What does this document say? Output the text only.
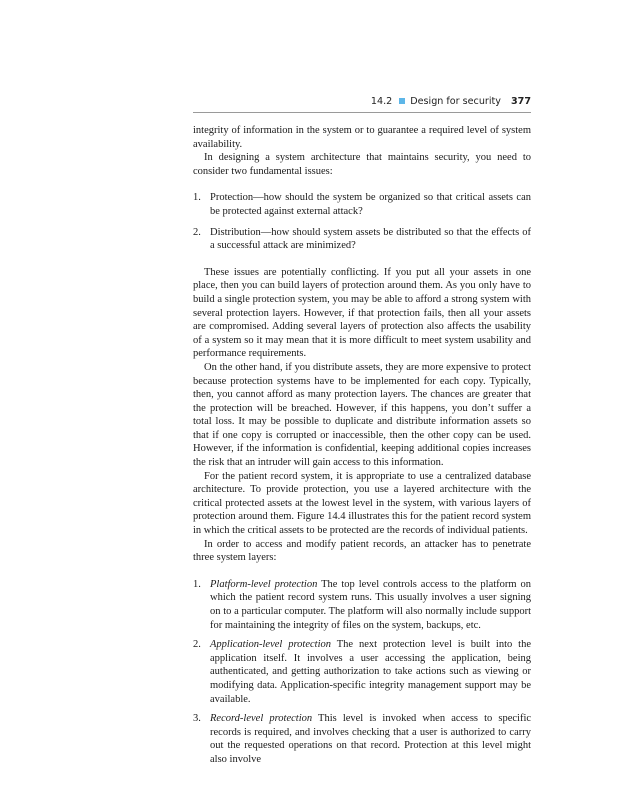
14.2 Design for security 377

integrity of information in the system or to guarantee a required level of system availability.

In designing a system architecture that maintains security, you need to consider two fundamental issues:

1. Protection—how should the system be organized so that critical assets can be protected against external attack?
2. Distribution—how should system assets be distributed so that the effects of a successful attack are minimized?

These issues are potentially conflicting. If you put all your assets in one place, then you can build layers of protection around them. As you only have to build a single protection system, you may be able to afford a strong system with several protection layers. However, if that protection fails, then all your assets are compromised. Adding several layers of protection also affects the usability of a system so it may mean that it is more difficult to meet system usability and performance requirements.

On the other hand, if you distribute assets, they are more expensive to protect because protection systems have to be implemented for each copy. Typically, then, you cannot afford as many protection layers. The chances are greater that the protection will be breached. However, if this happens, you don’t suffer a total loss. It may be possible to duplicate and distribute information assets so that if one copy is corrupted or inaccessible, then the other copy can be used. However, if the information is confidential, keeping additional copies increases the risk that an intruder will gain access to this information.

For the patient record system, it is appropriate to use a centralized database architecture. To provide protection, you use a layered architecture with the critical protected assets at the lowest level in the system, with various layers of protection around them. Figure 14.4 illustrates this for the patient record system in which the critical assets to be protected are the records of individual patients.

In order to access and modify patient records, an attacker has to penetrate three system layers:

1. Platform-level protection The top level controls access to the platform on which the patient record system runs. This usually involves a user signing on to a particular computer. The platform will also normally include support for maintaining the integrity of files on the system, backups, etc.
2. Application-level protection The next protection level is built into the application itself. It involves a user accessing the application, being authenticated, and getting authorization to take actions such as viewing or modifying data. Application-specific integrity management support may be available.
3. Record-level protection This level is invoked when access to specific records is required, and involves checking that a user is authorized to carry out the requested operations on that record. Protection at this level might also involve
